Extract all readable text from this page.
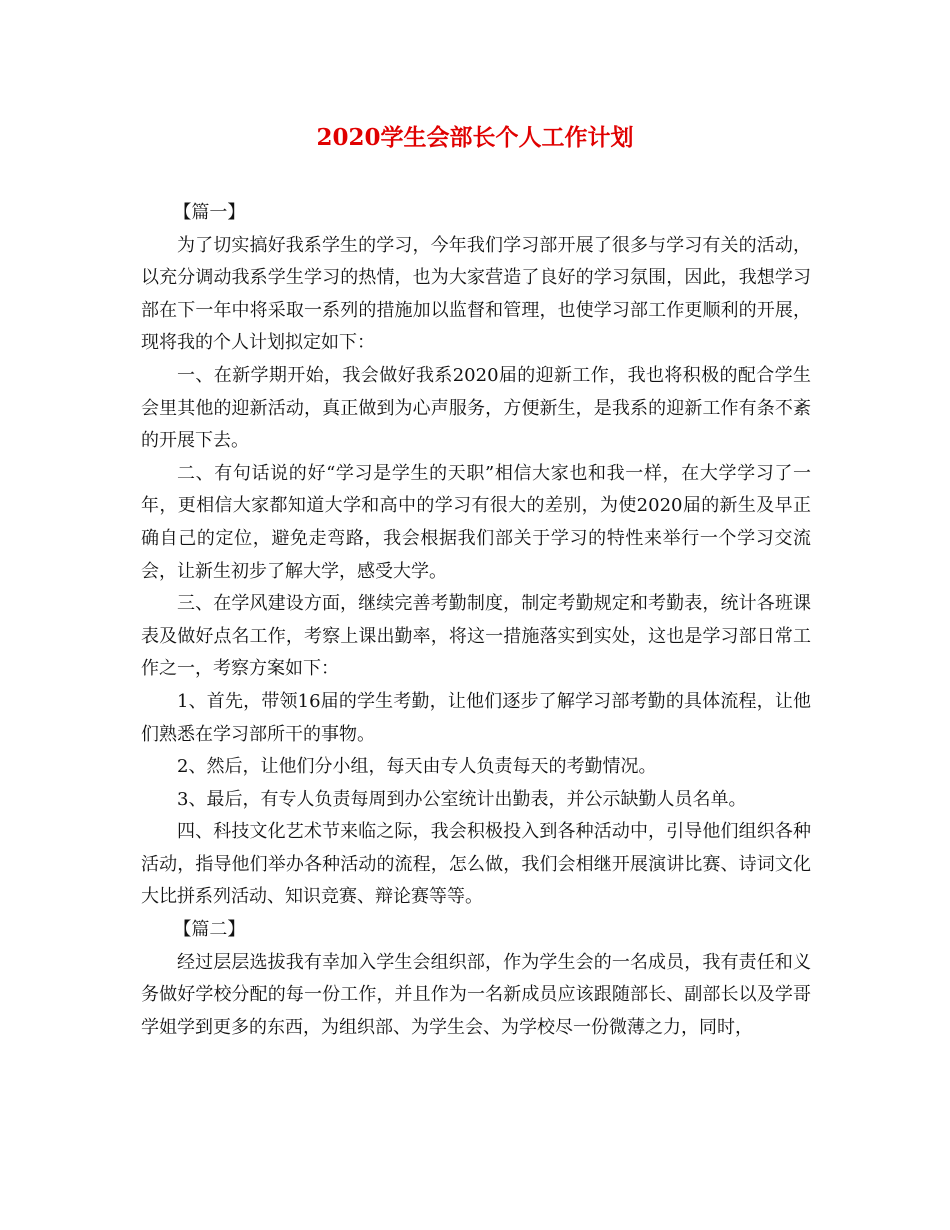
2020学生会部长个人工作计划

【篇一】

为了切实搞好我系学生的学习，今年我们学习部开展了很多与学习有关的活动，以充分调动我系学生学习的热情，也为大家营造了良好的学习氛围，因此，我想学习部在下一年中将采取一系列的措施加以监督和管理，也使学习部工作更顺利的开展，现将我的个人计划拟定如下：

一、在新学期开始，我会做好我系2020届的迎新工作，我也将积极的配合学生会里其他的迎新活动，真正做到为心声服务，方便新生，是我系的迎新工作有条不紊的开展下去。

二、有句话说的好“学习是学生的天职”相信大家也和我一样，在大学学习了一年，更相信大家都知道大学和高中的学习有很大的差别，为使2020届的新生及早正确自己的定位，避免走弯路，我会根据我们部关于学习的特性来举行一个学习交流会，让新生初步了解大学，感受大学。

三、在学风建设方面，继续完善考勤制度，制定考勤规定和考勤表，统计各班课表及做好点名工作，考察上课出勤率，将这一措施落实到实处，这也是学习部日常工作之一，考察方案如下：

1、首先，带领16届的学生考勤，让他们逐步了解学习部考勤的具体流程，让他们熟悉在学习部所干的事物。

2、然后，让他们分小组，每天由专人负责每天的考勤情况。

3、最后，有专人负责每周到办公室统计出勤表，并公示缺勤人员名单。

四、科技文化艺术节来临之际，我会积极投入到各种活动中，引导他们组织各种活动，指导他们举办各种活动的流程，怎么做，我们会相继开展演讲比赛、诗词文化大比拼系列活动、知识竞赛、辩论赛等等。

【篇二】

经过层层选拔我有幸加入学生会组织部，作为学生会的一名成员，我有责任和义务做好学校分配的每一份工作，并且作为一名新成员应该跟随部长、副部长以及学哥学姐学到更多的东西，为组织部、为学生会、为学校尽一份微薄之力，同时，
